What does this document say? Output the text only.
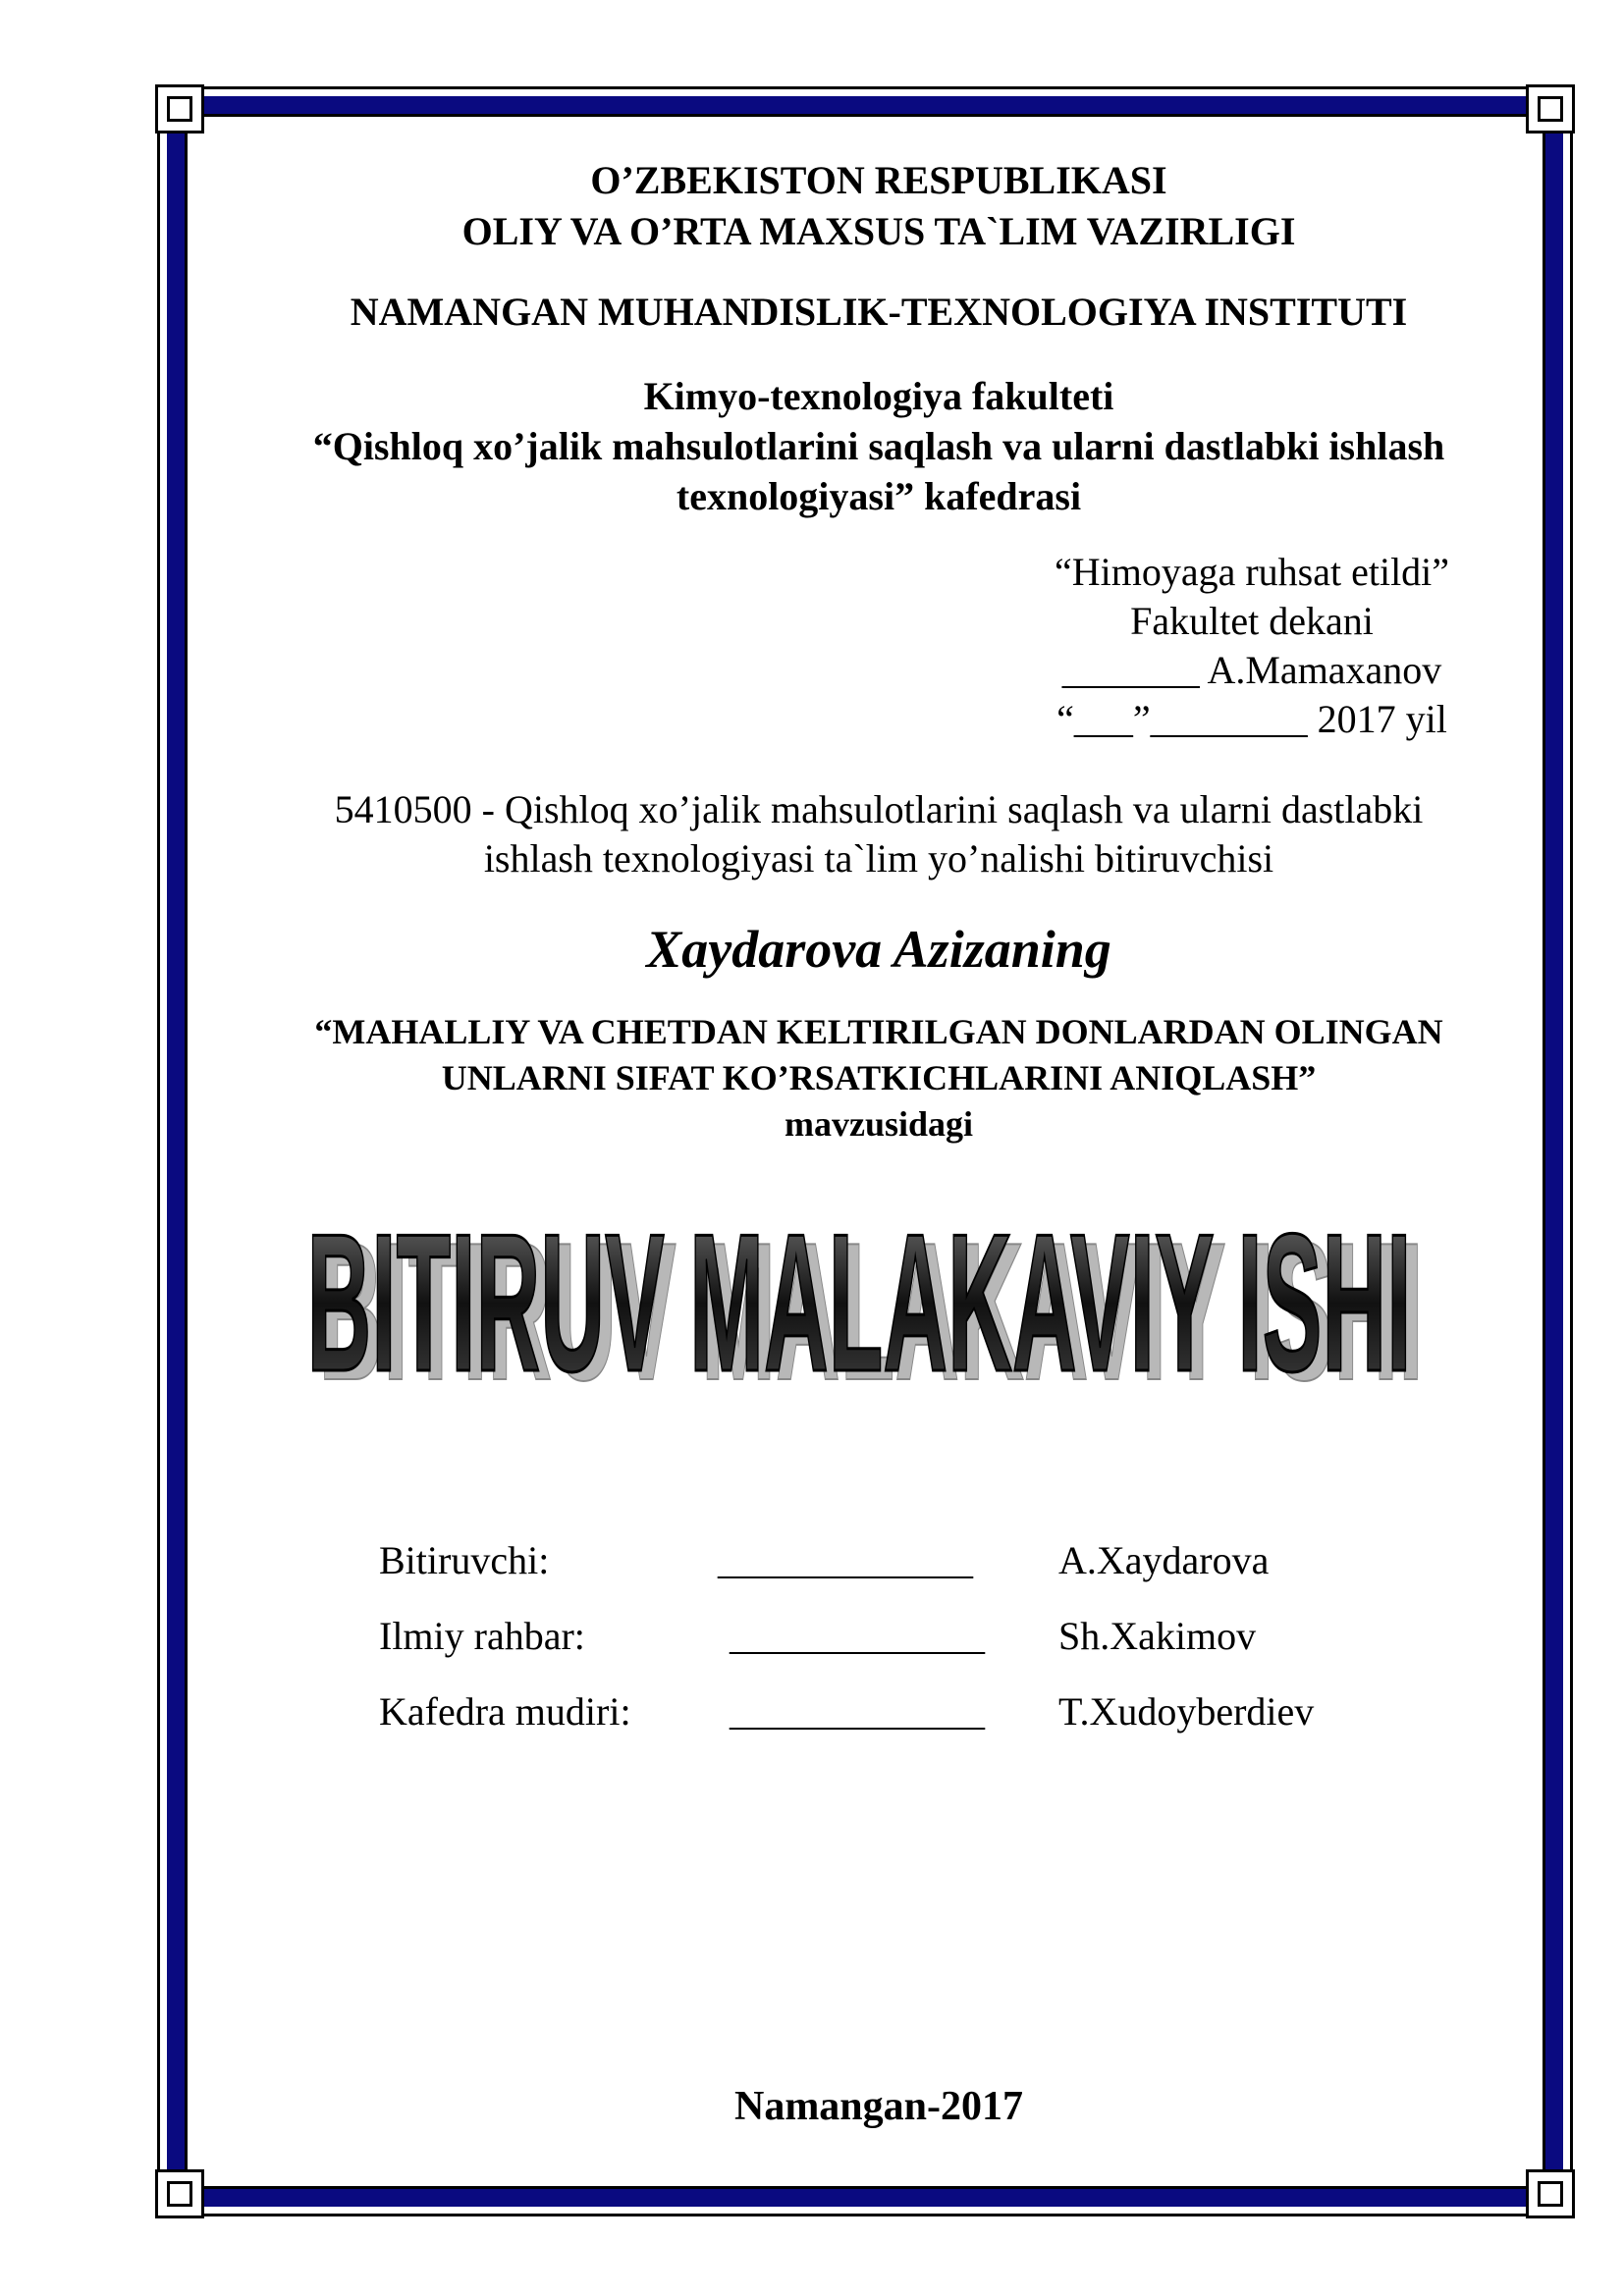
O’ZBEKISTON RESPUBLIKASI
OLIY VA O’RTA MAXSUS TA`LIM VAZIRLIGI
NAMANGAN MUHANDISLIK-TEXNOLOGIYA INSTITUTI
Kimyo-texnologiya fakulteti
“Qishloq xo’jalik mahsulotlarini saqlash va ularni dastlabki ishlash
texnologiyasi” kafedrasi
“Himoyaga ruhsat etildi”
Fakultet dekani
_______ A.Mamaxanov
“___”________ 2017 yil
5410500 - Qishloq xo’jalik mahsulotlarini saqlash va ularni dastlabki
ishlash texnologiyasi ta`lim yo’nalishi bitiruvchisi
Xaydarova Azizaning
“MAHALLIY VA CHETDAN KELTIRILGAN DONLARDAN OLINGAN
UNLARNI SIFAT KO’RSATKICHLARINI ANIQLASH”
mavzusidagi
BITIRUV MALAKAVIY ISHI
BITIRUV MALAKAVIY ISHI
Bitiruvchi:	_____________ A.Xaydarova
Ilmiy rahbar:	_____________ Sh.Xakimov
Kafedra mudiri:	_____________ T.Xudoyberdiev
Namangan-2017
